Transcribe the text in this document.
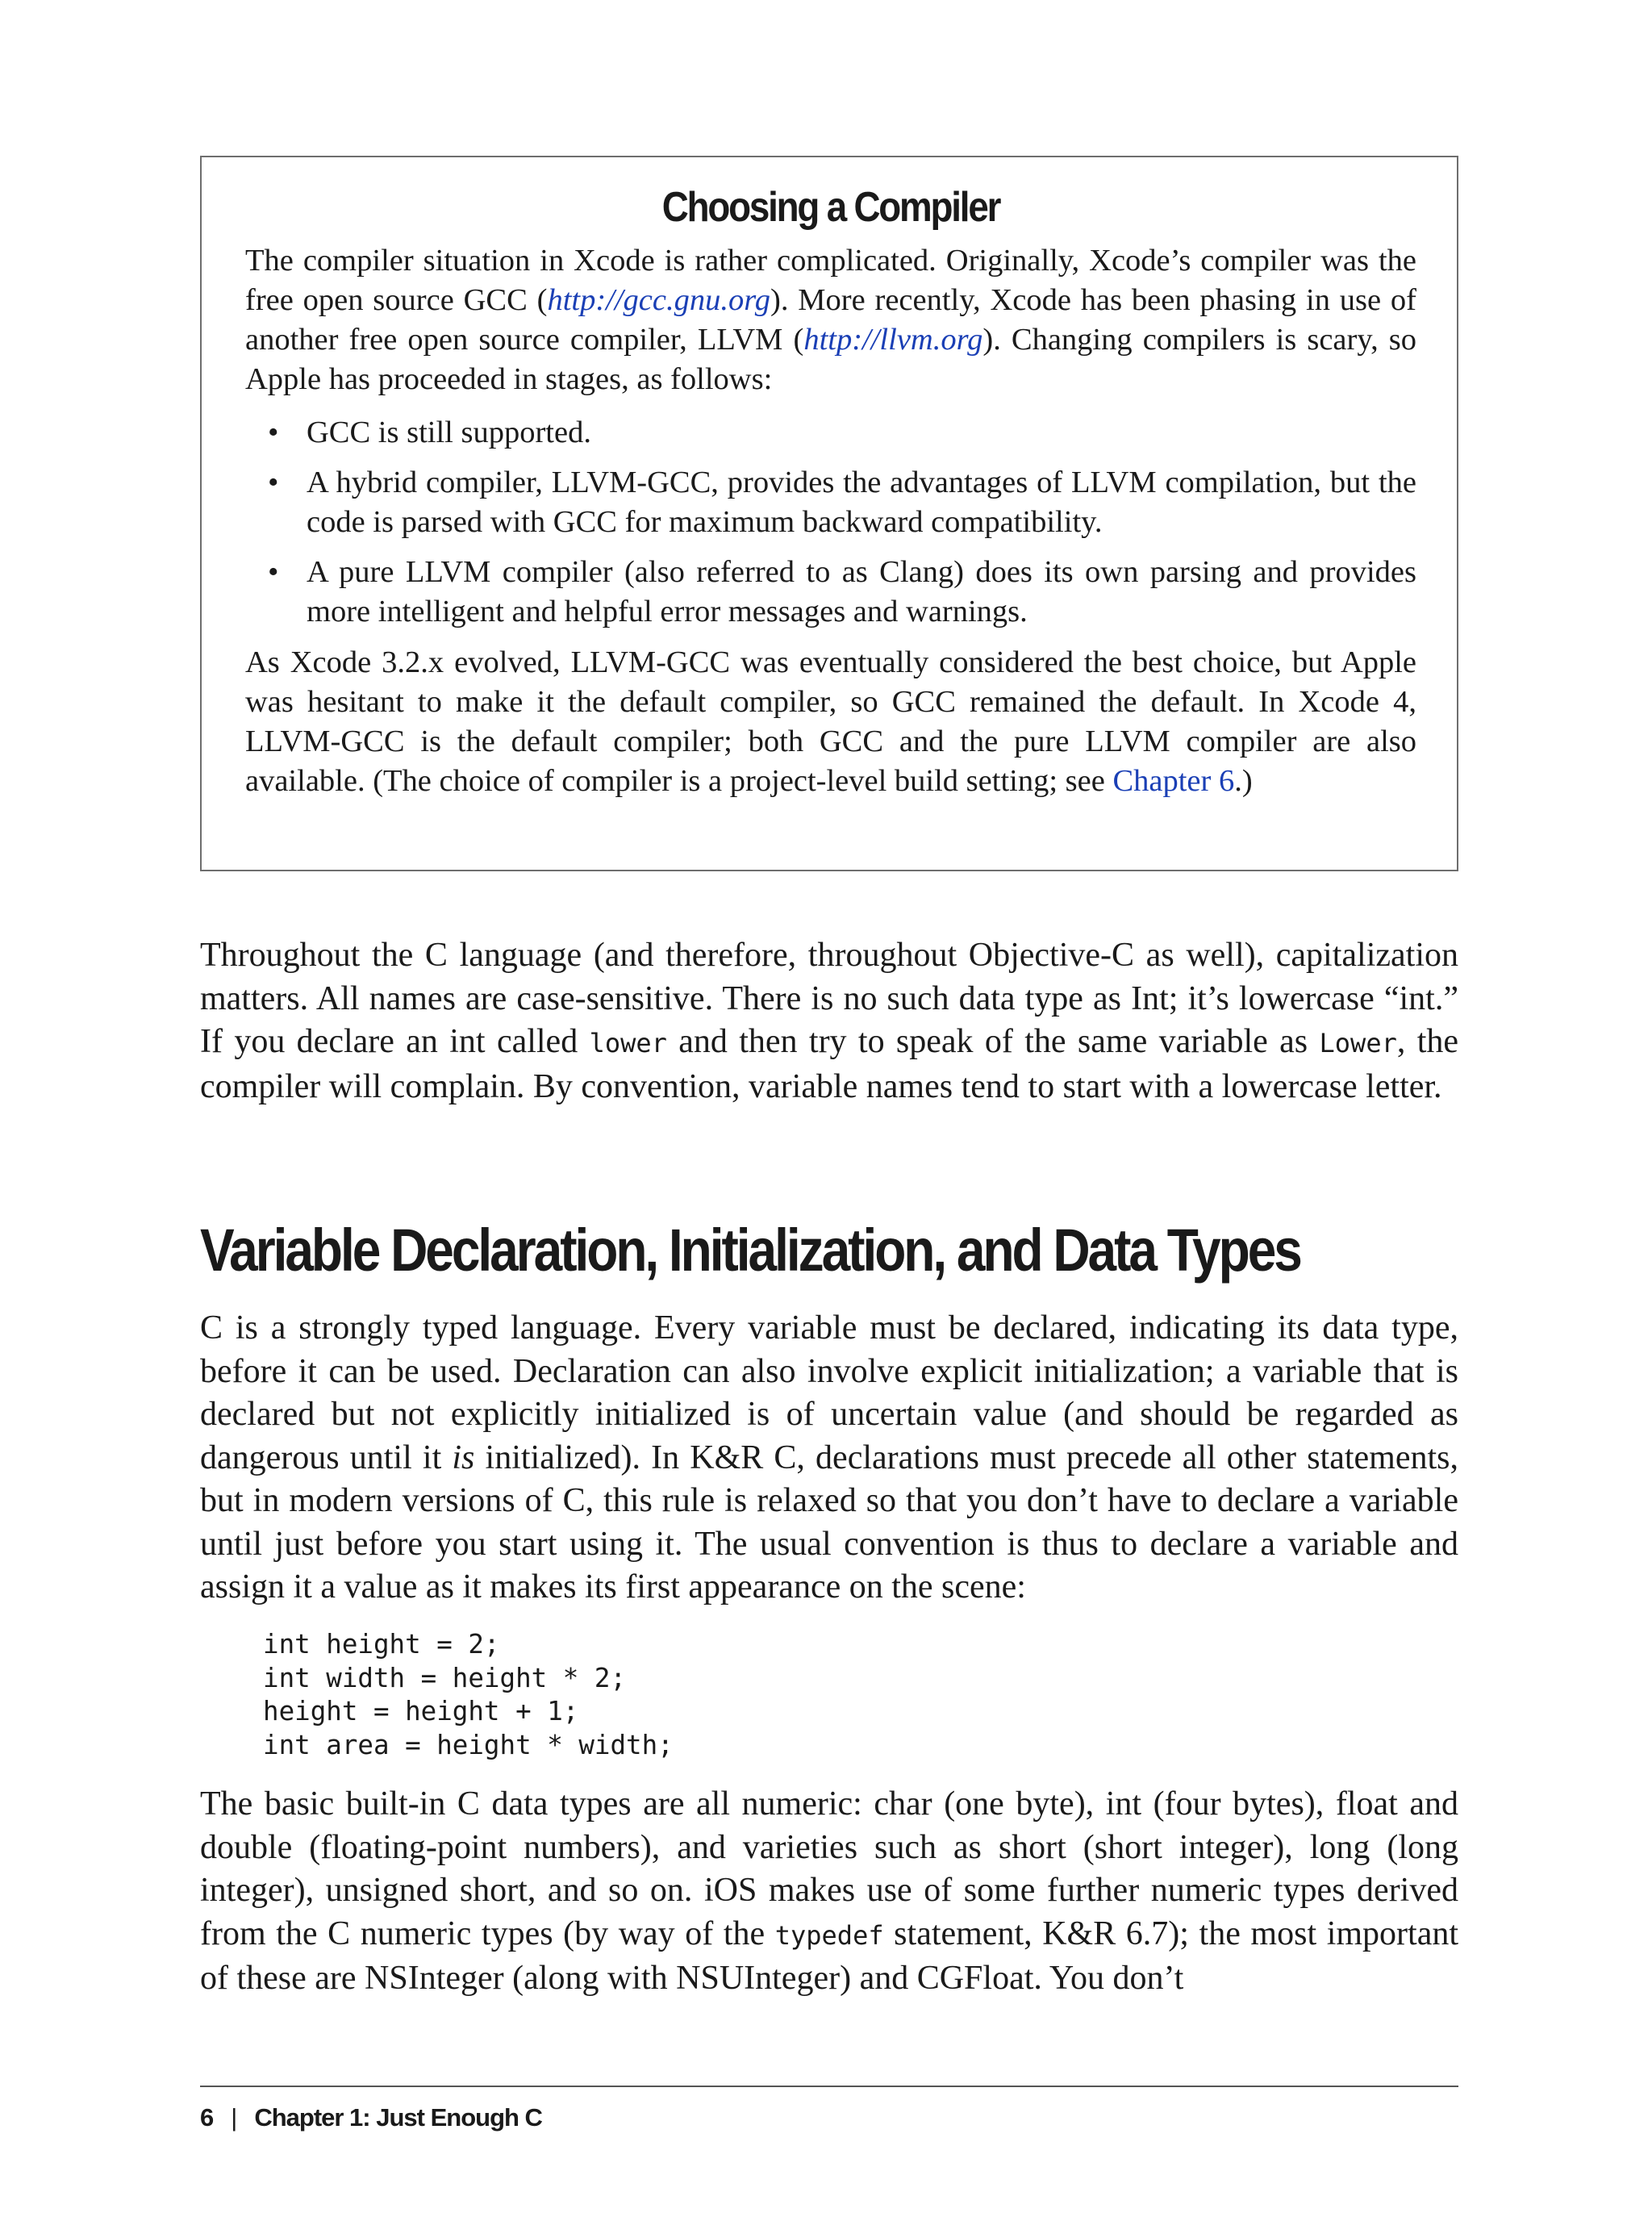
Choosing a Compiler

The compiler situation in Xcode is rather complicated. Originally, Xcode’s compiler was the free open source GCC (http://gcc.gnu.org). More recently, Xcode has been phasing in use of another free open source compiler, LLVM (http://llvm.org). Changing compilers is scary, so Apple has proceeded in stages, as follows:

• GCC is still supported.
• A hybrid compiler, LLVM-GCC, provides the advantages of LLVM compilation, but the code is parsed with GCC for maximum backward compatibility.
• A pure LLVM compiler (also referred to as Clang) does its own parsing and provides more intelligent and helpful error messages and warnings.

As Xcode 3.2.x evolved, LLVM-GCC was eventually considered the best choice, but Apple was hesitant to make it the default compiler, so GCC remained the default. In Xcode 4, LLVM-GCC is the default compiler; both GCC and the pure LLVM compiler are also available. (The choice of compiler is a project-level build setting; see Chapter 6.)

Throughout the C language (and therefore, throughout Objective-C as well), capitalization matters. All names are case-sensitive. There is no such data type as Int; it’s lowercase “int.” If you declare an int called lower and then try to speak of the same variable as Lower, the compiler will complain. By convention, variable names tend to start with a lowercase letter.

Variable Declaration, Initialization, and Data Types

C is a strongly typed language. Every variable must be declared, indicating its data type, before it can be used. Declaration can also involve explicit initialization; a variable that is declared but not explicitly initialized is of uncertain value (and should be regarded as dangerous until it is initialized). In K&R C, declarations must precede all other statements, but in modern versions of C, this rule is relaxed so that you don’t have to declare a variable until just before you start using it. The usual convention is thus to declare a variable and assign it a value as it makes its first appearance on the scene:

int height = 2;
int width = height * 2;
height = height + 1;
int area = height * width;

The basic built-in C data types are all numeric: char (one byte), int (four bytes), float and double (floating-point numbers), and varieties such as short (short integer), long (long integer), unsigned short, and so on. iOS makes use of some further numeric types derived from the C numeric types (by way of the typedef statement, K&R 6.7); the most important of these are NSInteger (along with NSUInteger) and CGFloat. You don’t

6 | Chapter 1: Just Enough C
